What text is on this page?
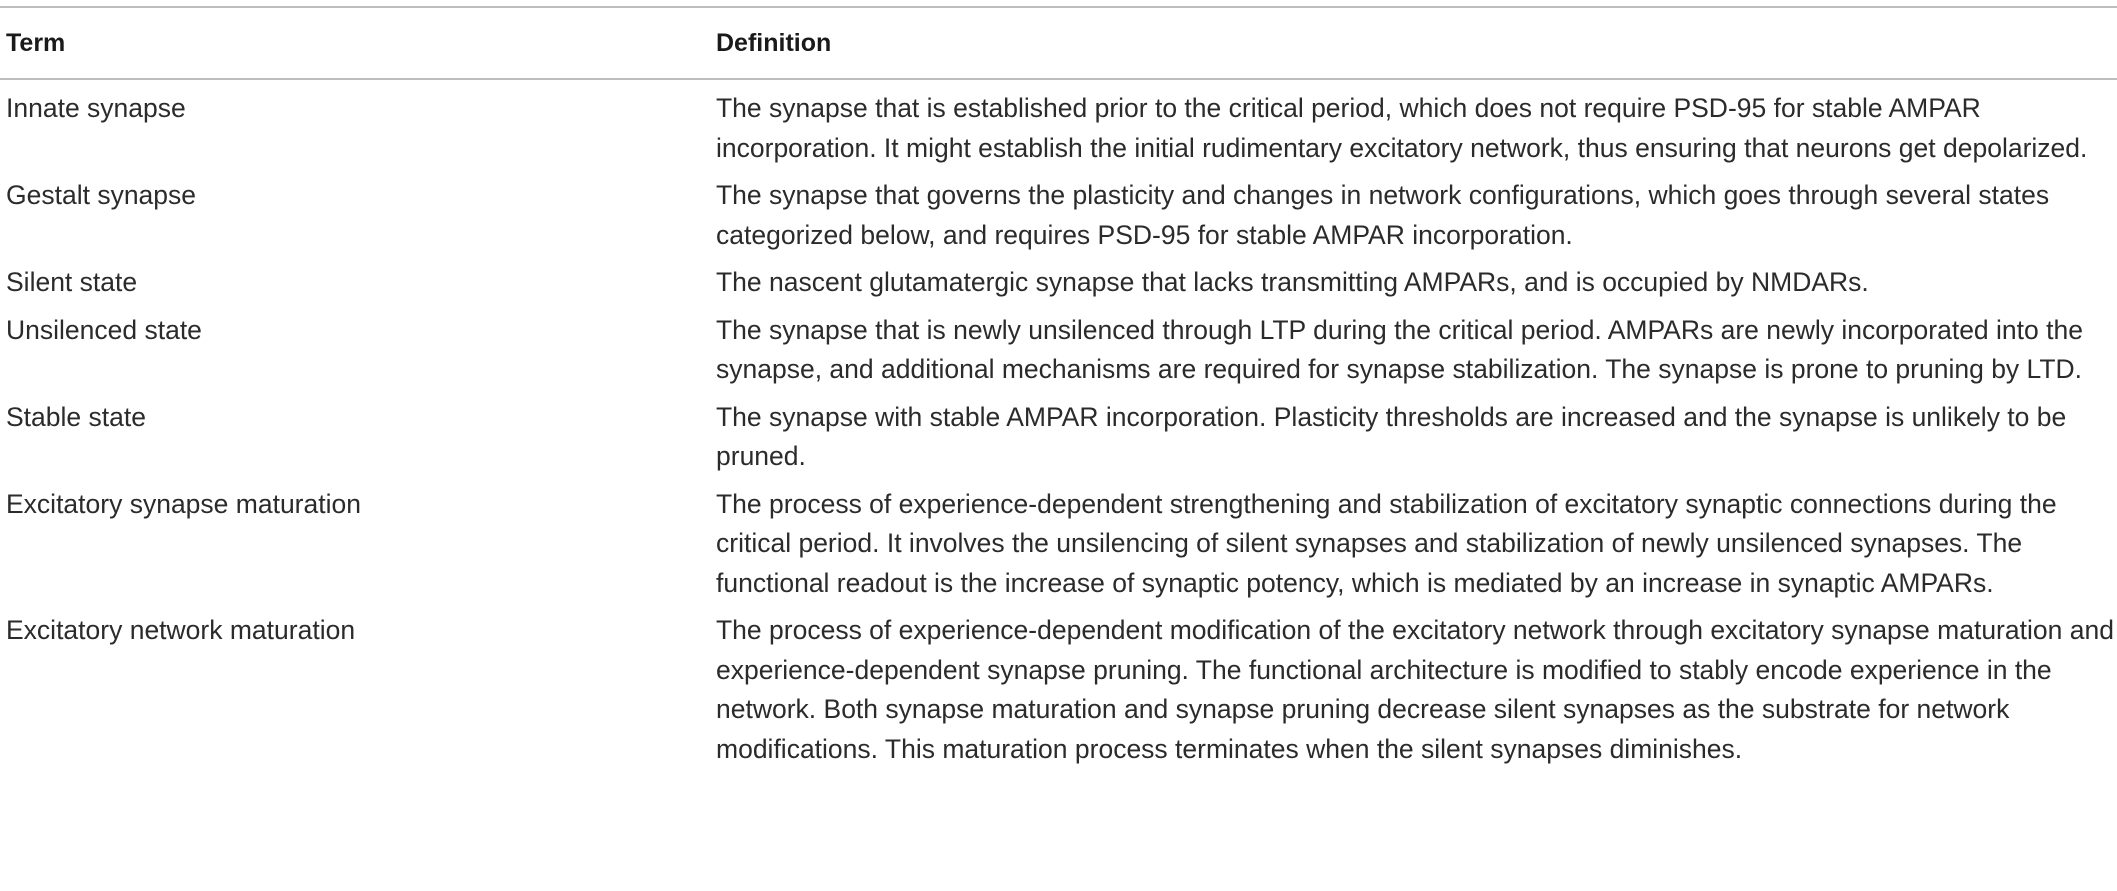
Term	Definition
Innate synapse	The synapse that is established prior to the critical period, which does not require PSD-95 for stable AMPAR incorporation. It might establish the initial rudimentary excitatory network, thus ensuring that neurons get depolarized.
Gestalt synapse	The synapse that governs the plasticity and changes in network configurations, which goes through several states categorized below, and requires PSD-95 for stable AMPAR incorporation.
Silent state	The nascent glutamatergic synapse that lacks transmitting AMPARs, and is occupied by NMDARs.
Unsilenced state	The synapse that is newly unsilenced through LTP during the critical period. AMPARs are newly incorporated into the synapse, and additional mechanisms are required for synapse stabilization. The synapse is prone to pruning by LTD.
Stable state	The synapse with stable AMPAR incorporation. Plasticity thresholds are increased and the synapse is unlikely to be pruned.
Excitatory synapse maturation	The process of experience-dependent strengthening and stabilization of excitatory synaptic connections during the critical period. It involves the unsilencing of silent synapses and stabilization of newly unsilenced synapses. The functional readout is the increase of synaptic potency, which is mediated by an increase in synaptic AMPARs.
Excitatory network maturation	The process of experience-dependent modification of the excitatory network through excitatory synapse maturation and experience-dependent synapse pruning. The functional architecture is modified to stably encode experience in the network. Both synapse maturation and synapse pruning decrease silent synapses as the substrate for network modifications. This maturation process terminates when the silent synapses diminishes.
